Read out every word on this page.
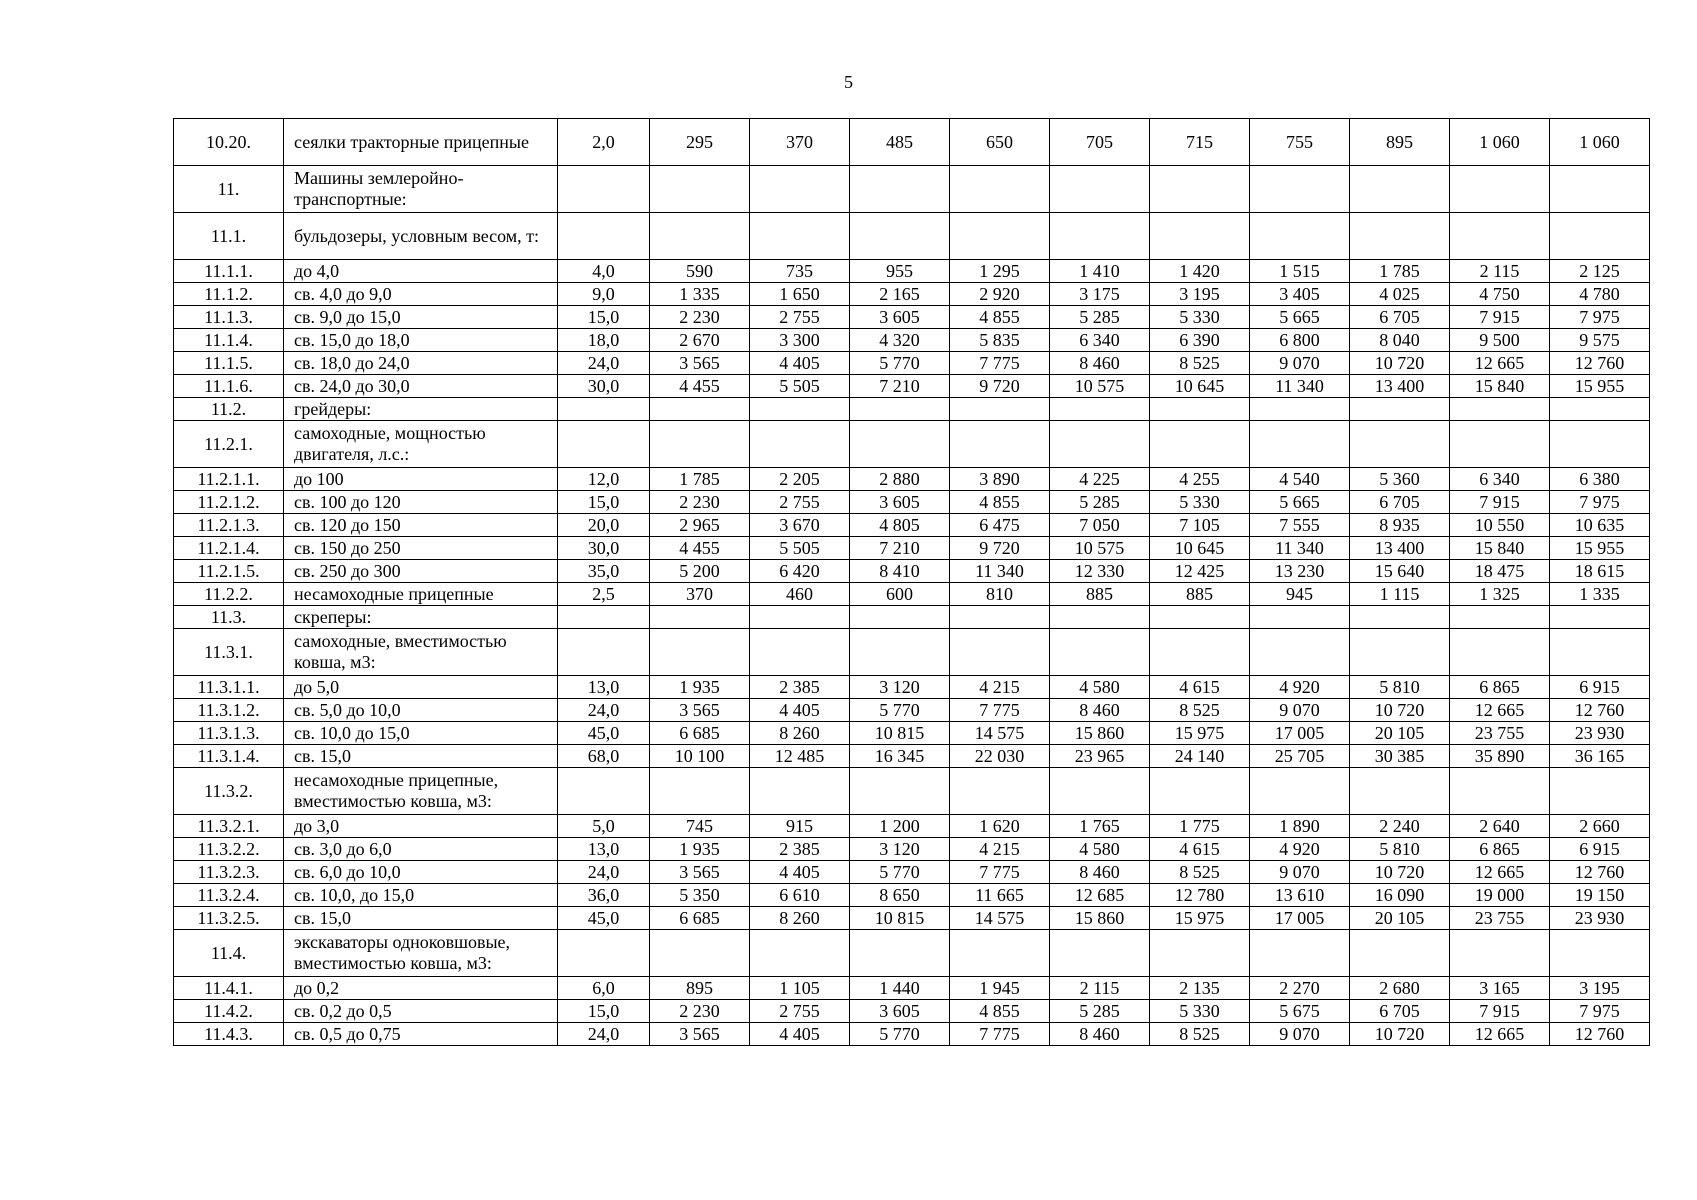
5
10.20.	сеялки тракторные прицепные	2,0	295	370	485	650	705	715	755	895	1 060	1 060
11.	Машины землеройно-транспортные:											
11.1.	бульдозеры, условным весом, т:											
11.1.1.	до 4,0	4,0	590	735	955	1 295	1 410	1 420	1 515	1 785	2 115	2 125
11.1.2.	св. 4,0 до 9,0	9,0	1 335	1 650	2 165	2 920	3 175	3 195	3 405	4 025	4 750	4 780
11.1.3.	св. 9,0 до 15,0	15,0	2 230	2 755	3 605	4 855	5 285	5 330	5 665	6 705	7 915	7 975
11.1.4.	св. 15,0 до 18,0	18,0	2 670	3 300	4 320	5 835	6 340	6 390	6 800	8 040	9 500	9 575
11.1.5.	св. 18,0 до 24,0	24,0	3 565	4 405	5 770	7 775	8 460	8 525	9 070	10 720	12 665	12 760
11.1.6.	св. 24,0 до 30,0	30,0	4 455	5 505	7 210	9 720	10 575	10 645	11 340	13 400	15 840	15 955
11.2.	грейдеры:											
11.2.1.	самоходные, мощностью двигателя, л.с.:											
11.2.1.1.	до 100	12,0	1 785	2 205	2 880	3 890	4 225	4 255	4 540	5 360	6 340	6 380
11.2.1.2.	св. 100 до 120	15,0	2 230	2 755	3 605	4 855	5 285	5 330	5 665	6 705	7 915	7 975
11.2.1.3.	св. 120 до 150	20,0	2 965	3 670	4 805	6 475	7 050	7 105	7 555	8 935	10 550	10 635
11.2.1.4.	св. 150 до 250	30,0	4 455	5 505	7 210	9 720	10 575	10 645	11 340	13 400	15 840	15 955
11.2.1.5.	св. 250 до 300	35,0	5 200	6 420	8 410	11 340	12 330	12 425	13 230	15 640	18 475	18 615
11.2.2.	несамоходные прицепные	2,5	370	460	600	810	885	885	945	1 115	1 325	1 335
11.3.	скреперы:											
11.3.1.	самоходные, вместимостью ковша, м3:											
11.3.1.1.	до 5,0	13,0	1 935	2 385	3 120	4 215	4 580	4 615	4 920	5 810	6 865	6 915
11.3.1.2.	св. 5,0 до 10,0	24,0	3 565	4 405	5 770	7 775	8 460	8 525	9 070	10 720	12 665	12 760
11.3.1.3.	св. 10,0 до 15,0	45,0	6 685	8 260	10 815	14 575	15 860	15 975	17 005	20 105	23 755	23 930
11.3.1.4.	св. 15,0	68,0	10 100	12 485	16 345	22 030	23 965	24 140	25 705	30 385	35 890	36 165
11.3.2.	несамоходные прицепные, вместимостью ковша, м3:											
11.3.2.1.	до 3,0	5,0	745	915	1 200	1 620	1 765	1 775	1 890	2 240	2 640	2 660
11.3.2.2.	св. 3,0 до 6,0	13,0	1 935	2 385	3 120	4 215	4 580	4 615	4 920	5 810	6 865	6 915
11.3.2.3.	св. 6,0 до 10,0	24,0	3 565	4 405	5 770	7 775	8 460	8 525	9 070	10 720	12 665	12 760
11.3.2.4.	св. 10,0, до 15,0	36,0	5 350	6 610	8 650	11 665	12 685	12 780	13 610	16 090	19 000	19 150
11.3.2.5.	св. 15,0	45,0	6 685	8 260	10 815	14 575	15 860	15 975	17 005	20 105	23 755	23 930
11.4.	экскаваторы одноковшовые, вместимостью ковша, м3:											
11.4.1.	до 0,2	6,0	895	1 105	1 440	1 945	2 115	2 135	2 270	2 680	3 165	3 195
11.4.2.	св. 0,2 до 0,5	15,0	2 230	2 755	3 605	4 855	5 285	5 330	5 675	6 705	7 915	7 975
11.4.3.	св. 0,5 до 0,75	24,0	3 565	4 405	5 770	7 775	8 460	8 525	9 070	10 720	12 665	12 760
